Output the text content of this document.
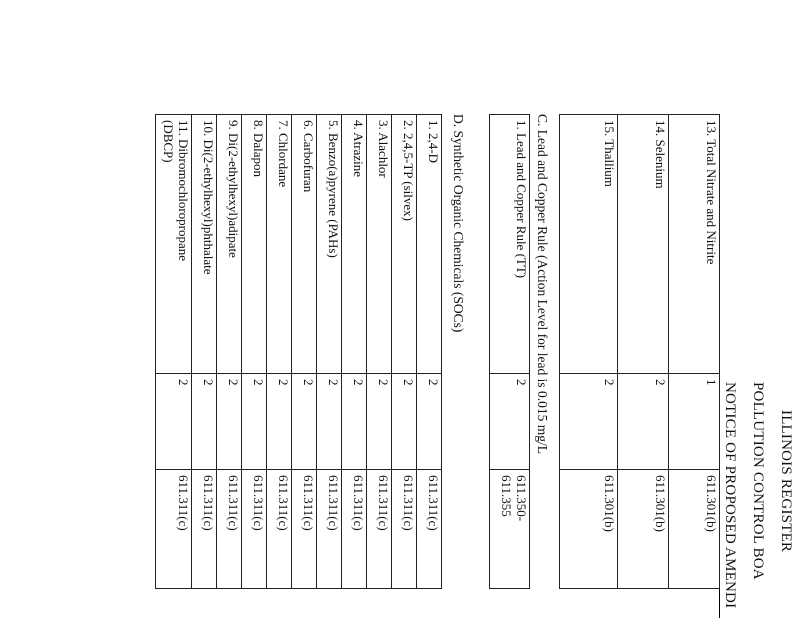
ILLINOIS REGISTER
POLLUTION CONTROL BOA
NOTICE OF PROPOSED AMENDI
13. Total Nitrate and Nitrite	1	611.301(b)
14. Selenium	2	611.301(b)
15. Thallium	2	611.301(b)
C. Lead and Copper Rule (Action Level for lead is 0.015 mg/L
1. Lead and Copper Rule (TT)	2	
611.350-
611.355
D. Synthetic Organic Chemicals (SOCs)
1. 2,4-D	2	611.311(c)
2. 2,4,5-TP (silvex)	2	611.311(c)
3. Alachlor	2	611.311(c)
4. Atrazine	2	611.311(c)
5. Benzo(a)pyrene (PAHs)	2	611.311(c)
6. Carbofuran	2	611.311(c)
7. Chlordane	2	611.311(c)
8. Dalapon	2	611.311(c)
9. Di(2-ethylhexyl)adipate	2	611.311(c)
10. Di(2-ethylhexyl)phthalate	2	611.311(c)

11. Dibromochloropropane
(DBCP)	2	611.311(c)
